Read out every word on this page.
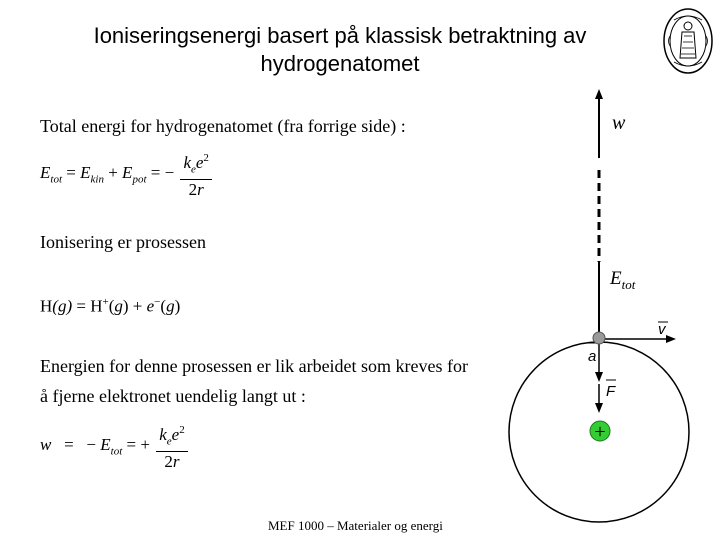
Ioniseringsenergi basert på klassisk betraktning av
hydrogenatomet
Total energi for hydrogenatomet (fra forrige side) :
$E_{tot} = E_{kin} + E_{pot}$ = − $\frac{k_ee^2}{2r}$
Ionisering er prosessen
H(g) = H+(g) + e−(g)
Energien for denne prosessen er lik arbeidet som kreves for
å fjerne elektronet uendelig langt ut :
w   =   − $E_{tot}$ = + $\frac{k_ee^2}{2r}$
MEF 1000 – Materialer og energi
+
v
a
F
w
$E_{tot}$
